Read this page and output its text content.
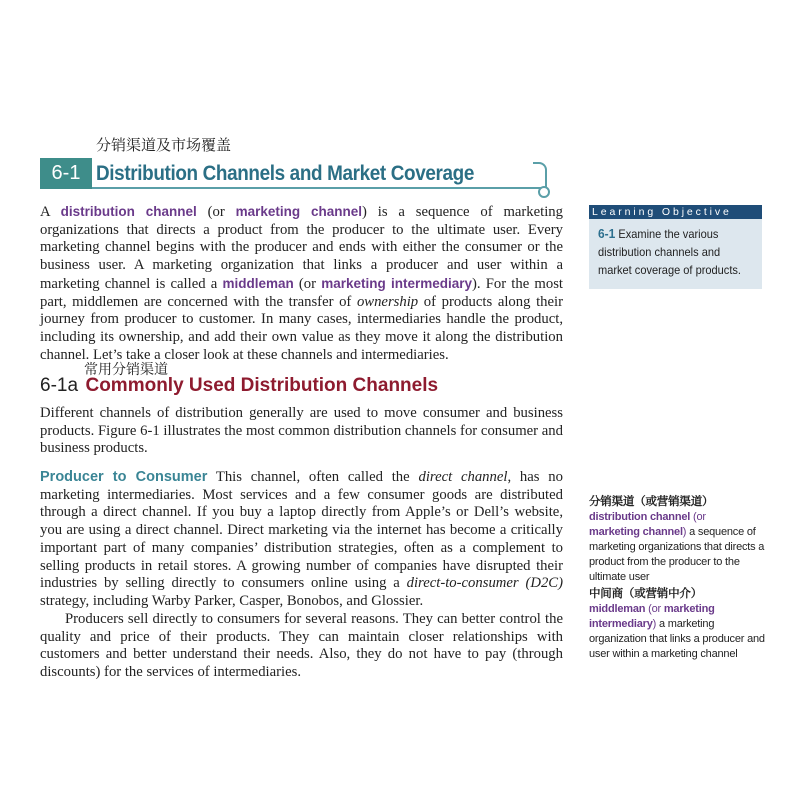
分销渠道及市场覆盖
6-1 Distribution Channels and Market Coverage

A distribution channel (or marketing channel) is a sequence of marketing organizations that directs a product from the producer to the ultimate user. Every marketing channel begins with the producer and ends with either the consumer or the business user. A marketing organization that links a producer and user within a marketing channel is called a middleman (or marketing intermediary). For the most part, middlemen are concerned with the transfer of ownership of products along their journey from producer to customer. In many cases, intermediaries handle the product, including its ownership, and add their own value as they move it along the distribution channel. Let’s take a closer look at these channels and intermediaries.

常用分销渠道
6-1a Commonly Used Distribution Channels

Different channels of distribution generally are used to move consumer and business products. Figure 6-1 illustrates the most common distribution channels for consumer and business products.

Producer to Consumer This channel, often called the direct channel, has no marketing intermediaries. Most services and a few consumer goods are distributed through a direct channel. If you buy a laptop directly from Apple’s or Dell’s website, you are using a direct channel. Direct marketing via the internet has become a critically important part of many companies’ distribution strategies, often as a complement to selling products in retail stores. A growing number of companies have disrupted their industries by selling directly to consumers online using a direct-to-consumer (D2C) strategy, including Warby Parker, Casper, Bonobos, and Glossier.

Producers sell directly to consumers for several reasons. They can better control the quality and price of their products. They can maintain closer relationships with customers and better understand their needs. Also, they do not have to pay (through discounts) for the services of intermediaries.

Learning Objective

6-1 Examine the various distribution channels and market coverage of products.

分销渠道（或营销渠道）
distribution channel (or
marketing channel) a sequence of marketing organizations that directs a product from the producer to the ultimate user

中间商（或营销中介）
middleman (or marketing intermediary) a marketing organization that links a producer and user within a marketing channel
